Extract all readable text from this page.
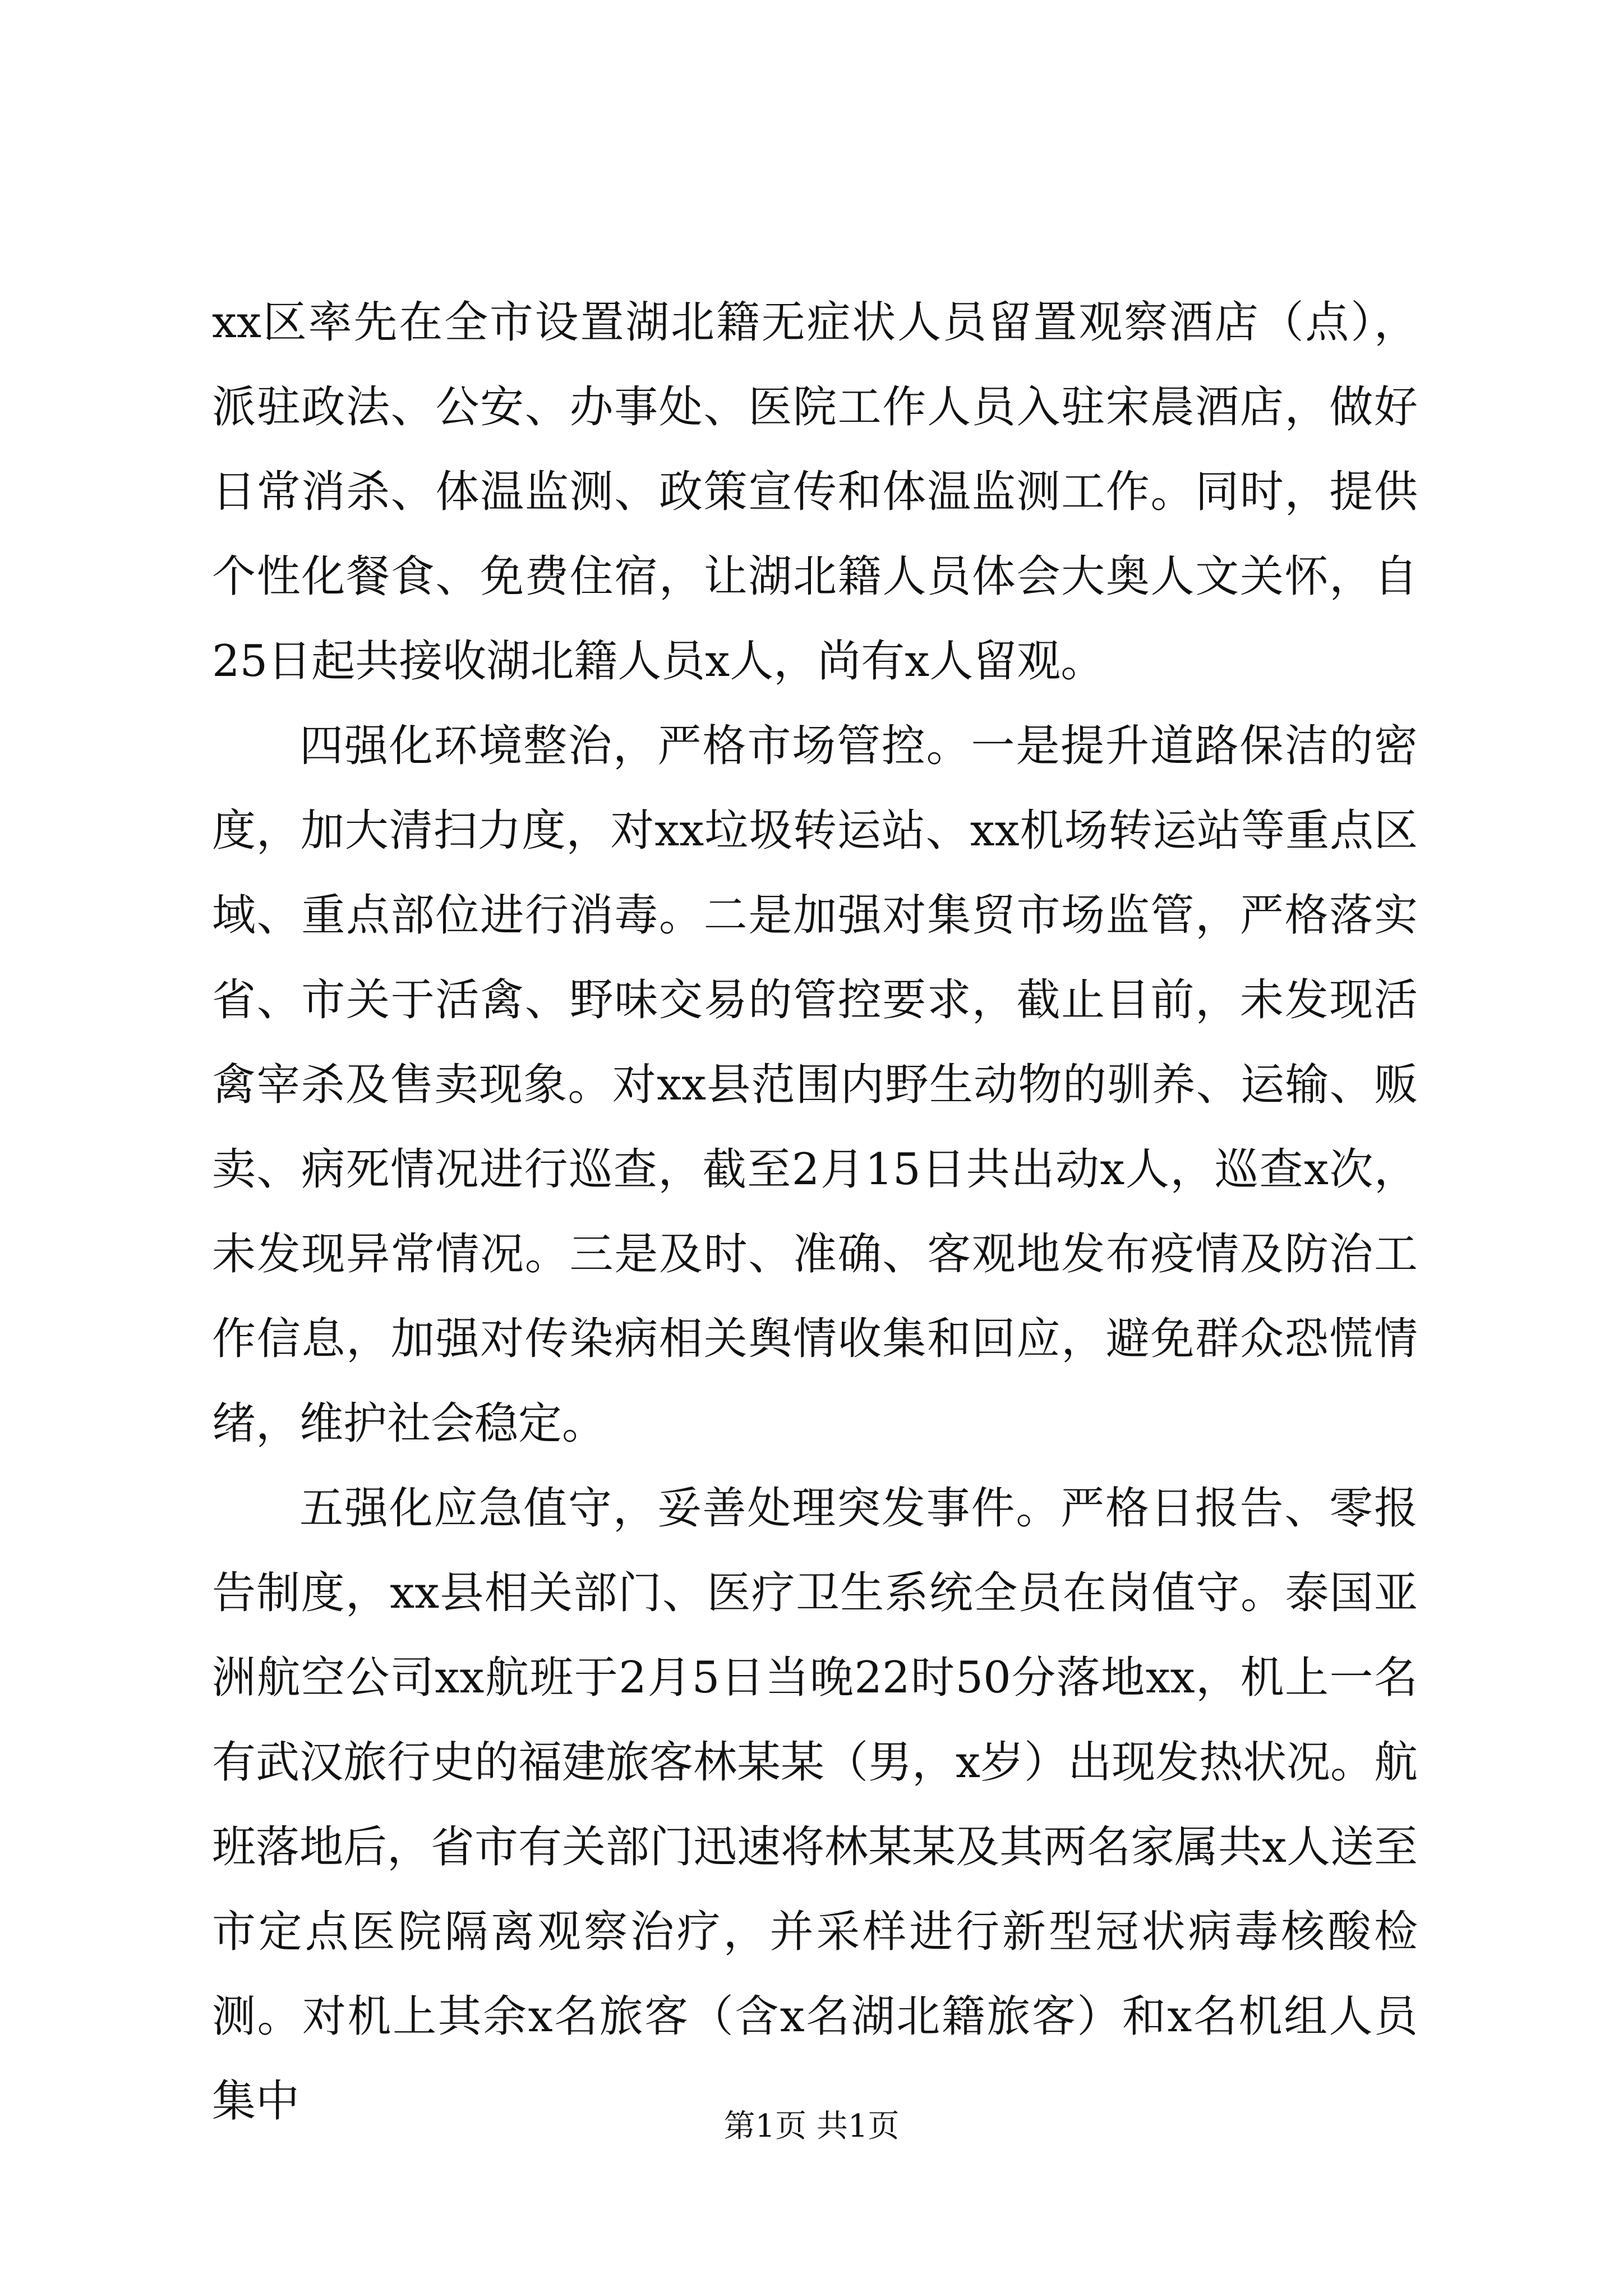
xx区率先在全市设置湖北籍无症状人员留置观察酒店（点），派驻政法、公安、办事处、医院工作人员入驻宋晨酒店，做好日常消杀、体温监测、政策宣传和体温监测工作。同时，提供个性化餐食、免费住宿，让湖北籍人员体会大奥人文关怀，自25日起共接收湖北籍人员x人，尚有x人留观。

四强化环境整治，严格市场管控。一是提升道路保洁的密度，加大清扫力度，对xx垃圾转运站、xx机场转运站等重点区域、重点部位进行消毒。二是加强对集贸市场监管，严格落实省、市关于活禽、野味交易的管控要求，截止目前，未发现活禽宰杀及售卖现象。对xx县范围内野生动物的驯养、运输、贩卖、病死情况进行巡查，截至2月15日共出动x人，巡查x次，未发现异常情况。三是及时、准确、客观地发布疫情及防治工作信息，加强对传染病相关舆情收集和回应，避免群众恐慌情绪，维护社会稳定。

五强化应急值守，妥善处理突发事件。严格日报告、零报告制度，xx县相关部门、医疗卫生系统全员在岗值守。泰国亚洲航空公司xx航班于2月5日当晚22时50分落地xx，机上一名有武汉旅行史的福建旅客林某某（男，x岁）出现发热状况。航班落地后，省市有关部门迅速将林某某及其两名家属共x人送至市定点医院隔离观察治疗，并采样进行新型冠状病毒核酸检测。对机上其余x名旅客（含x名湖北籍旅客）和x名机组人员集中	第1页 共1页
